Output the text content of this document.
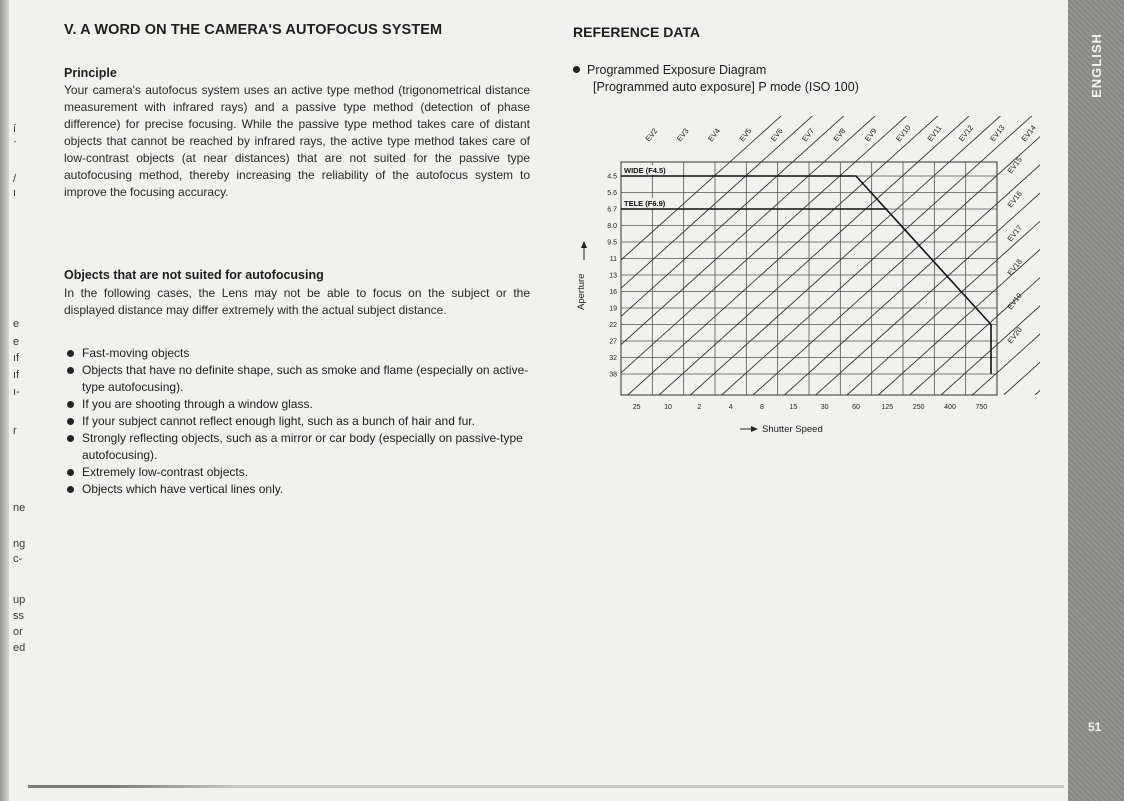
í
ˊ
/
ı
e
e
ıf
ıf
ı-
r
ne
ng
c-
up
ss
or
ed
V. A WORD ON THE CAMERA'S AUTOFOCUS SYSTEM
Principle
Your camera's autofocus system uses an active type method (trigonometrical distance measurement with infrared rays) and a passive type method (detection of phase difference) for precise focusing. While the passive type method takes care of distant objects that cannot be reached by infrared rays, the active type method takes care of low-contrast objects (at near distances) that are not suited for the passive type autofocusing method, thereby increasing the reliability of the autofocus system to improve the focusing accuracy.
Objects that are not suited for autofocusing
In the following cases, the Lens may not be able to focus on the subject or the displayed distance may differ extremely with the actual subject distance.
Fast-moving objects
Objects that have no definite shape, such as smoke and flame (especially on active-type autofocusing).
If you are shooting through a window glass.
If your subject cannot reflect enough light, such as a bunch of hair and fur.
Strongly reflecting objects, such as a mirror or car body (especially on passive-type autofocusing).
Extremely low-contrast objects.
Objects which have vertical lines only.
REFERENCE DATA
Programmed Exposure Diagram
[Programmed auto exposure] P mode (ISO 100)
EV2 EV3 EV4 EV5 EV6 EV7 EV8 EV9 EV10 EV11 EV12 EV13 EV14
EV15
EV16
EV17
EV18
EV19
EV20
4.5
5.6
6.7
8.0
9.5
11
13
16
19
22
27
32
38
25	10	2	4	8	15	30	60	125	250	400	750
Aperture
Shutter Speed
WIDE (F4.5)
TELE (F6.9)
ENGLISH
51
